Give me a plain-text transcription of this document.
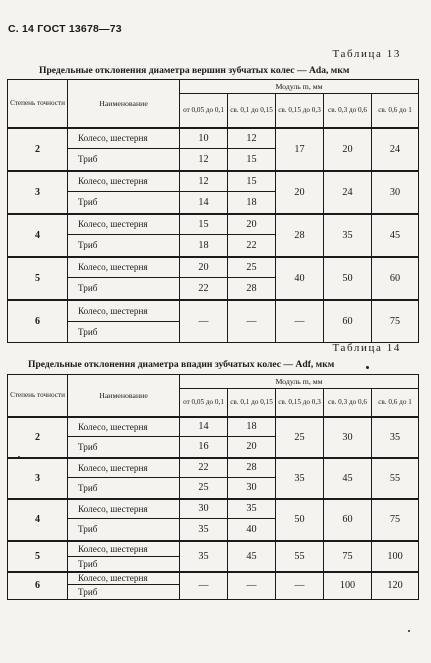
С. 14 ГОСТ 13678—73
Таблица 13
Предельные отклонения диаметра вершин зубчатых колес — Ada, мкм
Степень точности	Наименование	Модуль m, мм				
		от 0,05 до 0,1	св. 0,1 до 0,15	св. 0,15 до 0,3	св. 0,3 до 0,6	св. 0,6 до 1
2	Колесо, шестерня	10	12	17	20	24
	Триб	12	15			
3	Колесо, шестерня	12	15	20	24	30
	Триб	14	18			
4	Колесо, шестерня	15	20	28	35	45
	Триб	18	22			
5	Колесо, шестерня	20	25	40	50	60
	Триб	22	28			
6	Колесо, шестерня	—	—	—	60	75
	Триб					
Таблица 14
Предельные отклонения диаметра впадин зубчатых колес — Adf, мкм
Степень точности	Наименование	Модуль m, мм				
		от 0,05 до 0,1	св. 0,1 до 0,15	св. 0,15 до 0,3	св. 0,3 до 0,6	св. 0,6 до 1
2	Колесо, шестерня	14	18	25	30	35
	Триб	16	20			
3	Колесо, шестерня	22	28	35	45	55
	Триб	25	30			
4	Колесо, шестерня	30	35	50	60	75
	Триб	35	40			
5	Колесо, шестерня	35	45	55	75	100
	Триб					
6	Колесо, шестерня	—	—	—	100	120
	Триб					
